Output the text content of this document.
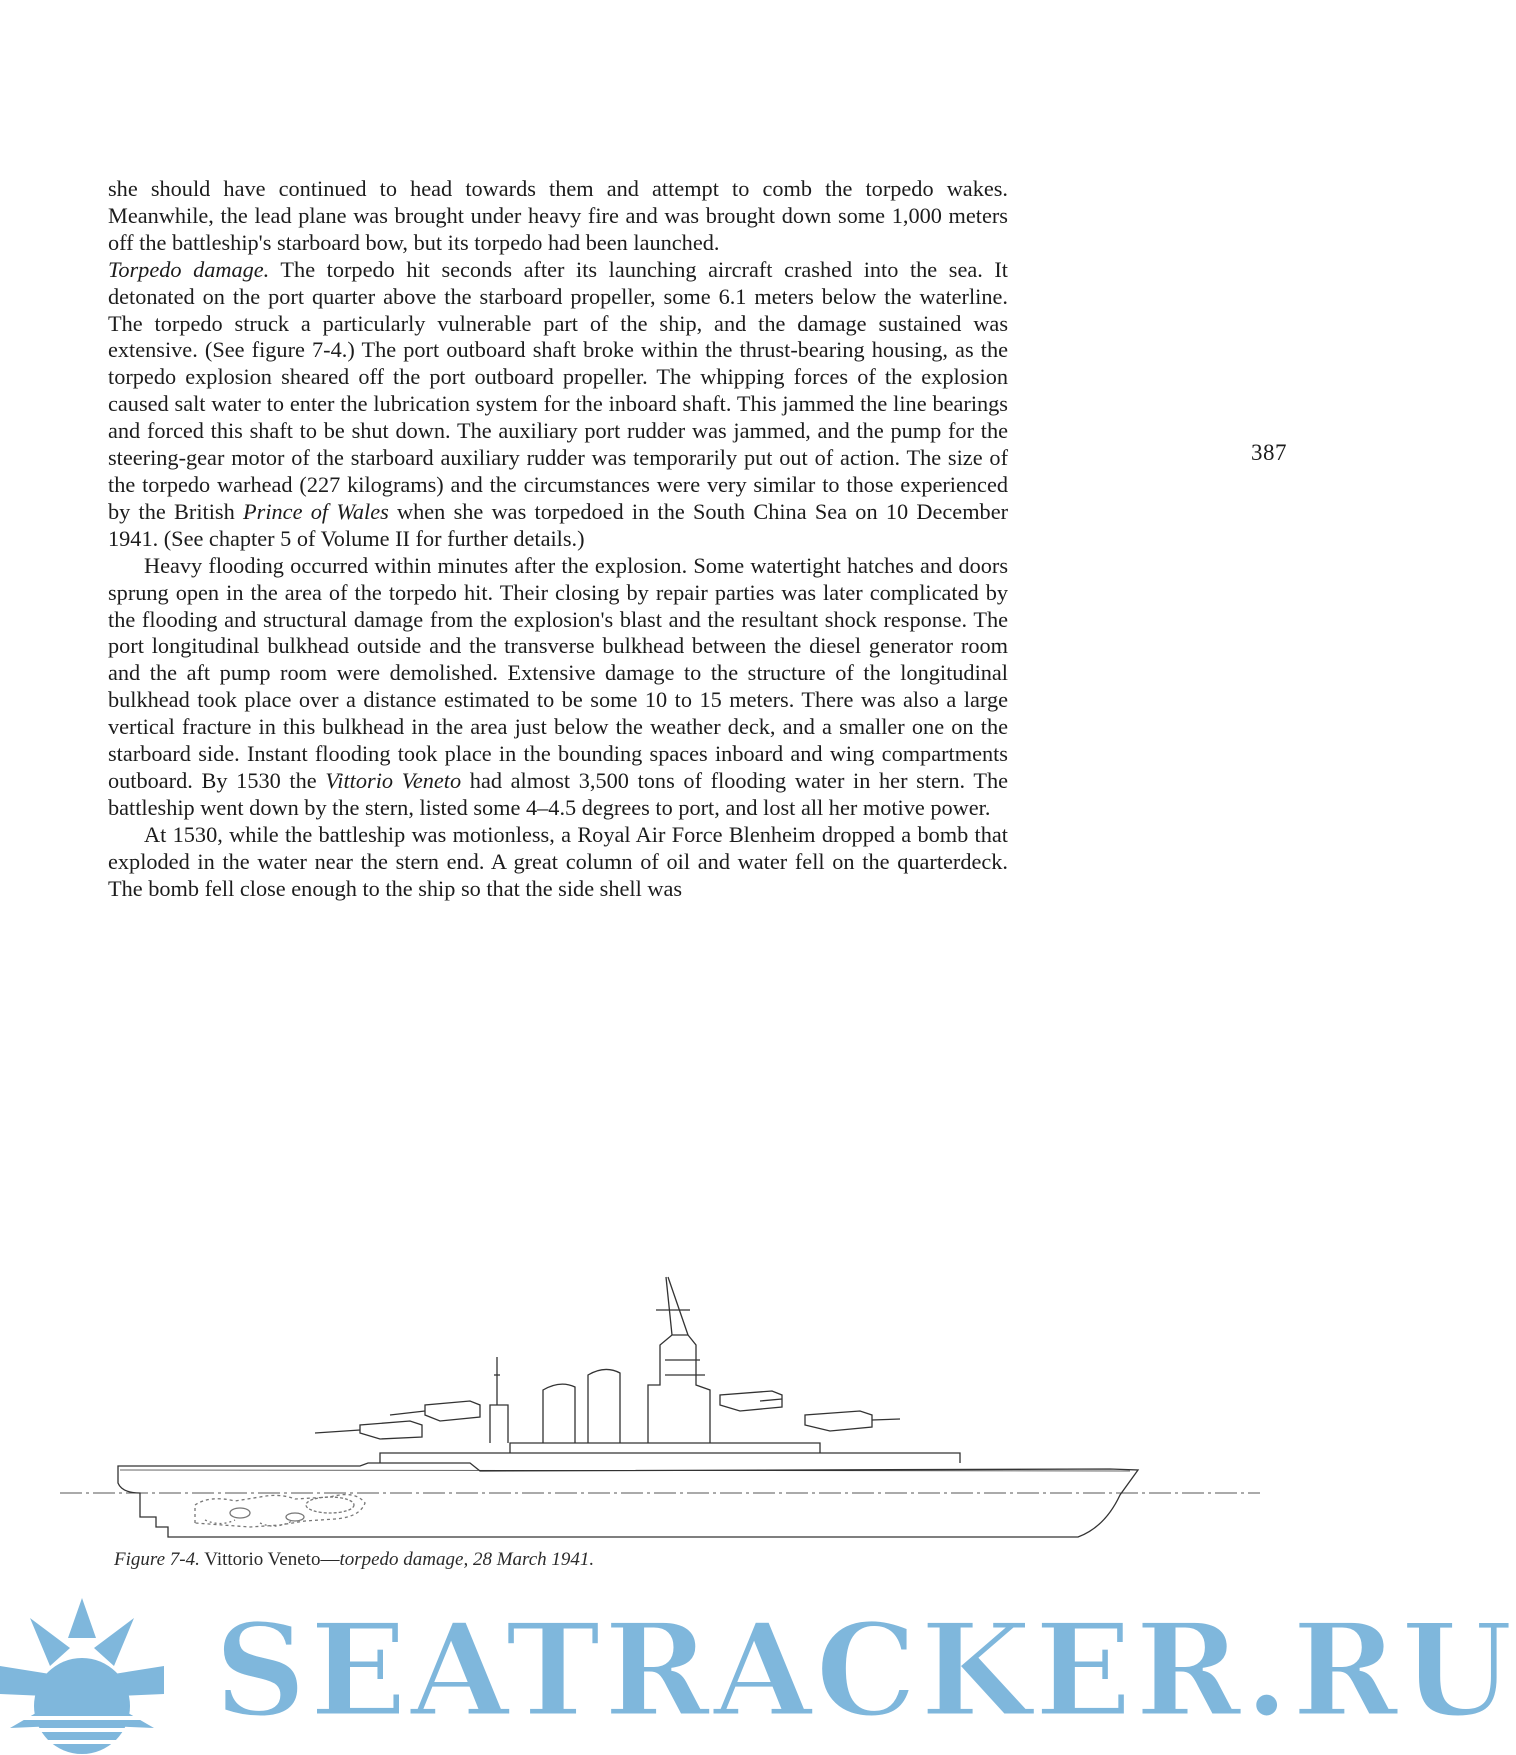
387

she should have continued to head towards them and attempt to comb the torpedo wakes. Meanwhile, the lead plane was brought under heavy fire and was brought down some 1,000 meters off the battleship's starboard bow, but its torpedo had been launched.

Torpedo damage. The torpedo hit seconds after its launching aircraft crashed into the sea. It detonated on the port quarter above the starboard propeller, some 6.1 meters below the waterline. The torpedo struck a particularly vulnerable part of the ship, and the damage sustained was extensive. (See figure 7-4.) The port outboard shaft broke within the thrust-bearing housing, as the torpedo explosion sheared off the port outboard propeller. The whipping forces of the explosion caused salt water to enter the lubrication system for the inboard shaft. This jammed the line bearings and forced this shaft to be shut down. The auxiliary port rudder was jammed, and the pump for the steering-gear motor of the starboard auxiliary rudder was temporarily put out of action. The size of the torpedo warhead (227 kilograms) and the circumstances were very similar to those experienced by the British Prince of Wales when she was torpedoed in the South China Sea on 10 December 1941. (See chapter 5 of Volume II for further details.)

Heavy flooding occurred within minutes after the explosion. Some watertight hatches and doors sprung open in the area of the torpedo hit. Their closing by repair parties was later complicated by the flooding and structural damage from the explosion's blast and the resultant shock response. The port longitudinal bulkhead outside and the transverse bulkhead between the diesel generator room and the aft pump room were demolished. Extensive damage to the structure of the longitudinal bulkhead took place over a distance estimated to be some 10 to 15 meters. There was also a large vertical fracture in this bulkhead in the area just below the weather deck, and a smaller one on the starboard side. Instant flooding took place in the bounding spaces inboard and wing compartments outboard. By 1530 the Vittorio Veneto had almost 3,500 tons of flooding water in her stern. The battleship went down by the stern, listed some 4–4.5 degrees to port, and lost all her motive power.

At 1530, while the battleship was motionless, a Royal Air Force Blenheim dropped a bomb that exploded in the water near the stern end. A great column of oil and water fell on the quarterdeck. The bomb fell close enough to the ship so that the side shell was

Figure 7-4. Vittorio Veneto—torpedo damage, 28 March 1941.
SEATRACKER.RU
